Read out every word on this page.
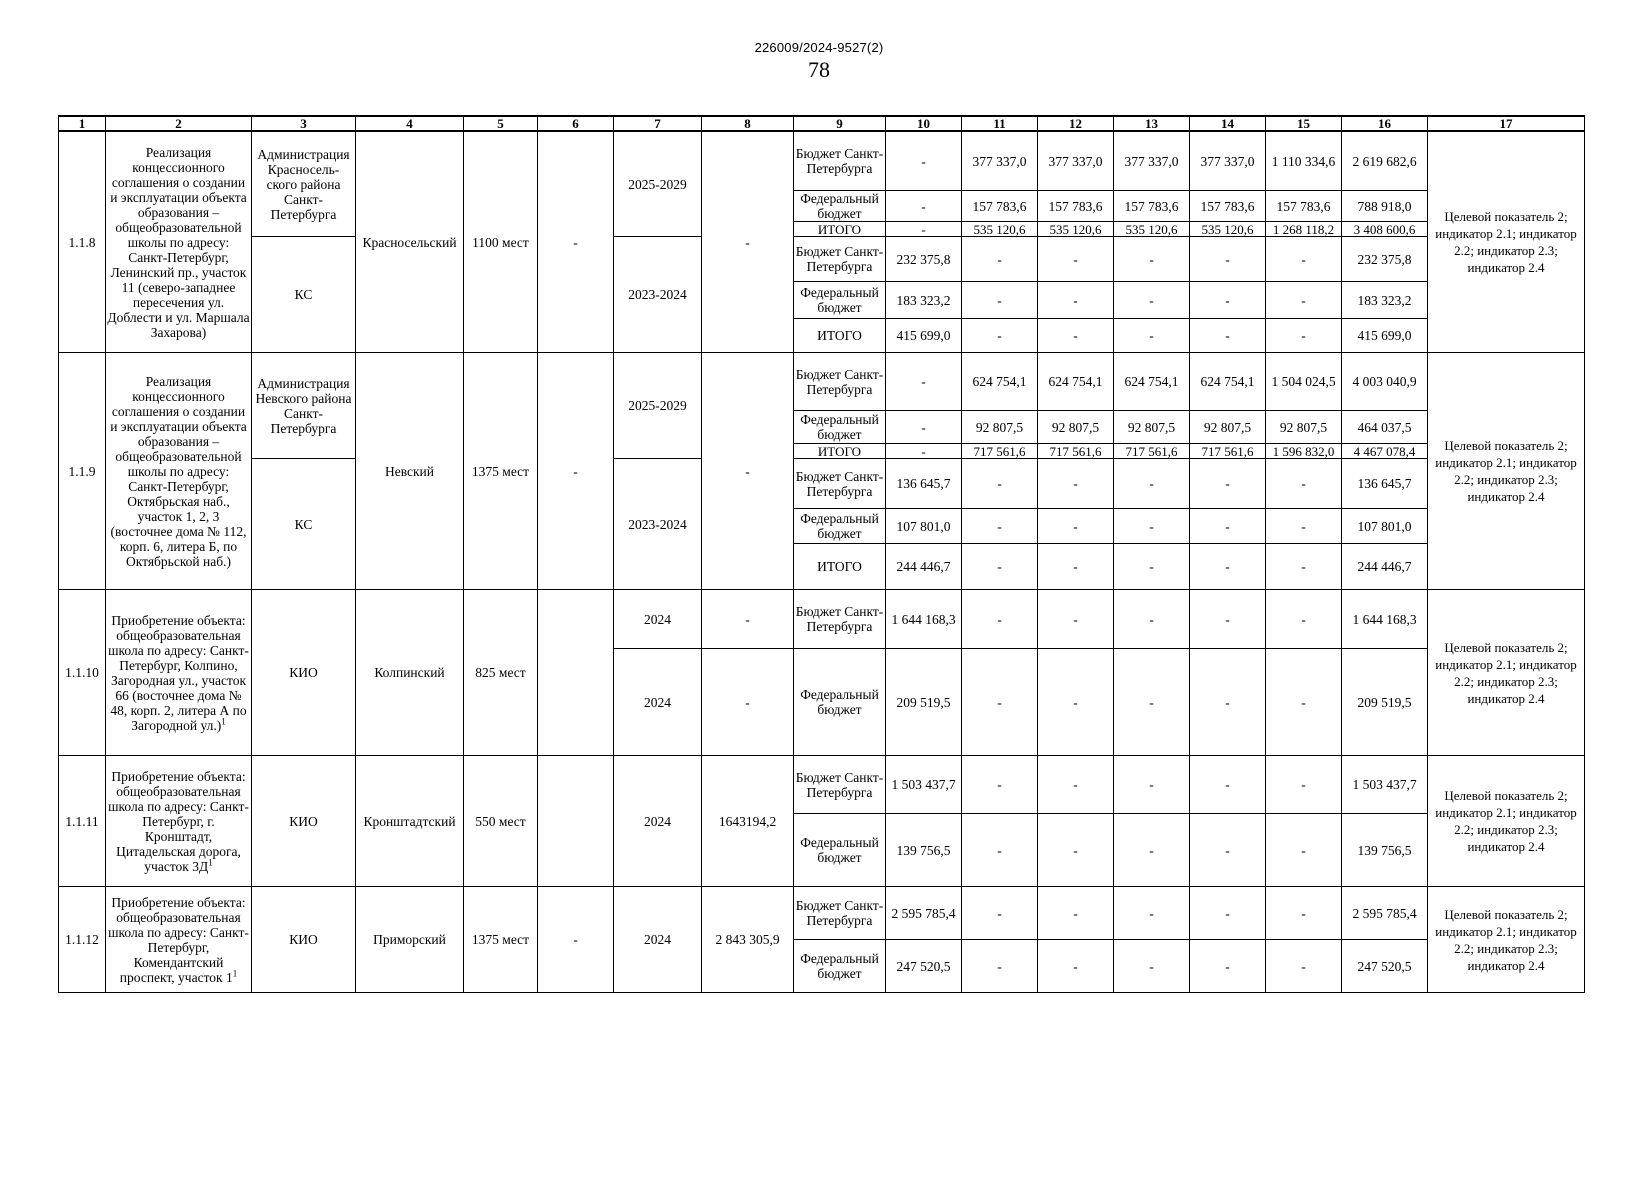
226009/2024-9527(2)
78
1	2	3	4	5	6	7	8	9	10	11	12	13	14	15	16	17
1.1.8	Реализация концессионного соглашения о создании и эксплуатации объекта образования – общеобразовательной школы по адресу: Санкт-Петербург, Ленинский пр., участок 11 (северо-западнее пересечения ул. Доблести и ул. Маршала Захарова)	Администрация Красносель-ского района Санкт-Петербурга	Красносельский	1100 мест	-	2025-2029	-	Бюджет Санкт-Петербурга	-	377 337,0	377 337,0	377 337,0	377 337,0	1 110 334,6	2 619 682,6	Целевой показатель 2; индикатор 2.1; индикатор 2.2; индикатор 2.3; индикатор 2.4
								Федеральный бюджет	-	157 783,6	157 783,6	157 783,6	157 783,6	157 783,6	788 918,0	
								ИТОГО	-	535 120,6	535 120,6	535 120,6	535 120,6	1 268 118,2	3 408 600,6	
		КС				2023-2024		Бюджет Санкт-Петербурга	232 375,8	-	-	-	-	-	232 375,8	
								Федеральный бюджет	183 323,2	-	-	-	-	-	183 323,2	
								ИТОГО	415 699,0	-	-	-	-	-	415 699,0	
1.1.9	Реализация концессионного соглашения о создании и эксплуатации объекта образования – общеобразовательной школы по адресу: Санкт-Петербург, Октябрьская наб., участок 1, 2, 3 (восточнее дома № 112, корп. 6, литера Б, по Октябрьской наб.)	Администрация Невского района Санкт-Петербурга	Невский	1375 мест	-	2025-2029	-	Бюджет Санкт-Петербурга	-	624 754,1	624 754,1	624 754,1	624 754,1	1 504 024,5	4 003 040,9	Целевой показатель 2; индикатор 2.1; индикатор 2.2; индикатор 2.3; индикатор 2.4
								Федеральный бюджет	-	92 807,5	92 807,5	92 807,5	92 807,5	92 807,5	464 037,5	
								ИТОГО	-	717 561,6	717 561,6	717 561,6	717 561,6	1 596 832,0	4 467 078,4	
		КС				2023-2024		Бюджет Санкт-Петербурга	136 645,7	-	-	-	-	-	136 645,7	
								Федеральный бюджет	107 801,0	-	-	-	-	-	107 801,0	
								ИТОГО	244 446,7	-	-	-	-	-	244 446,7	
1.1.10	Приобретение объекта: общеобразовательная школа по адресу: Санкт-Петербург, Колпино, Загородная ул., участок 66 (восточнее дома № 48, корп. 2, литера А по Загородной ул.)$^1$	КИО	Колпинский	825 мест		2024	-	Бюджет Санкт-Петербурга	1 644 168,3	-	-	-	-	-	1 644 168,3	Целевой показатель 2; индикатор 2.1; индикатор 2.2; индикатор 2.3; индикатор 2.4
						2024	-	Федеральный бюджет	209 519,5	-	-	-	-	-	209 519,5	
1.1.11	Приобретение объекта: общеобразовательная школа по адресу: Санкт-Петербург, г. Кронштадт, Цитадельская дорога, участок $3Д^1$	КИО	Кронштадтский	550 мест		2024	1643194,2	Бюджет Санкт-Петербурга	1 503 437,7	-	-	-	-	-	1 503 437,7	Целевой показатель 2; индикатор 2.1; индикатор 2.2; индикатор 2.3; индикатор 2.4
								Федеральный бюджет	139 756,5	-	-	-	-	-	139 756,5	
1.1.12	Приобретение объекта: общеобразовательная школа по адресу: Санкт-Петербург, Комендантский проспект, участок $1^1$	КИО	Приморский	1375 мест	-	2024	2 843 305,9	Бюджет Санкт-Петербурга	2 595 785,4	-	-	-	-	-	2 595 785,4	Целевой показатель 2; индикатор 2.1; индикатор 2.2; индикатор 2.3; индикатор 2.4
								Федеральный бюджет	247 520,5	-	-	-	-	-	247 520,5	
